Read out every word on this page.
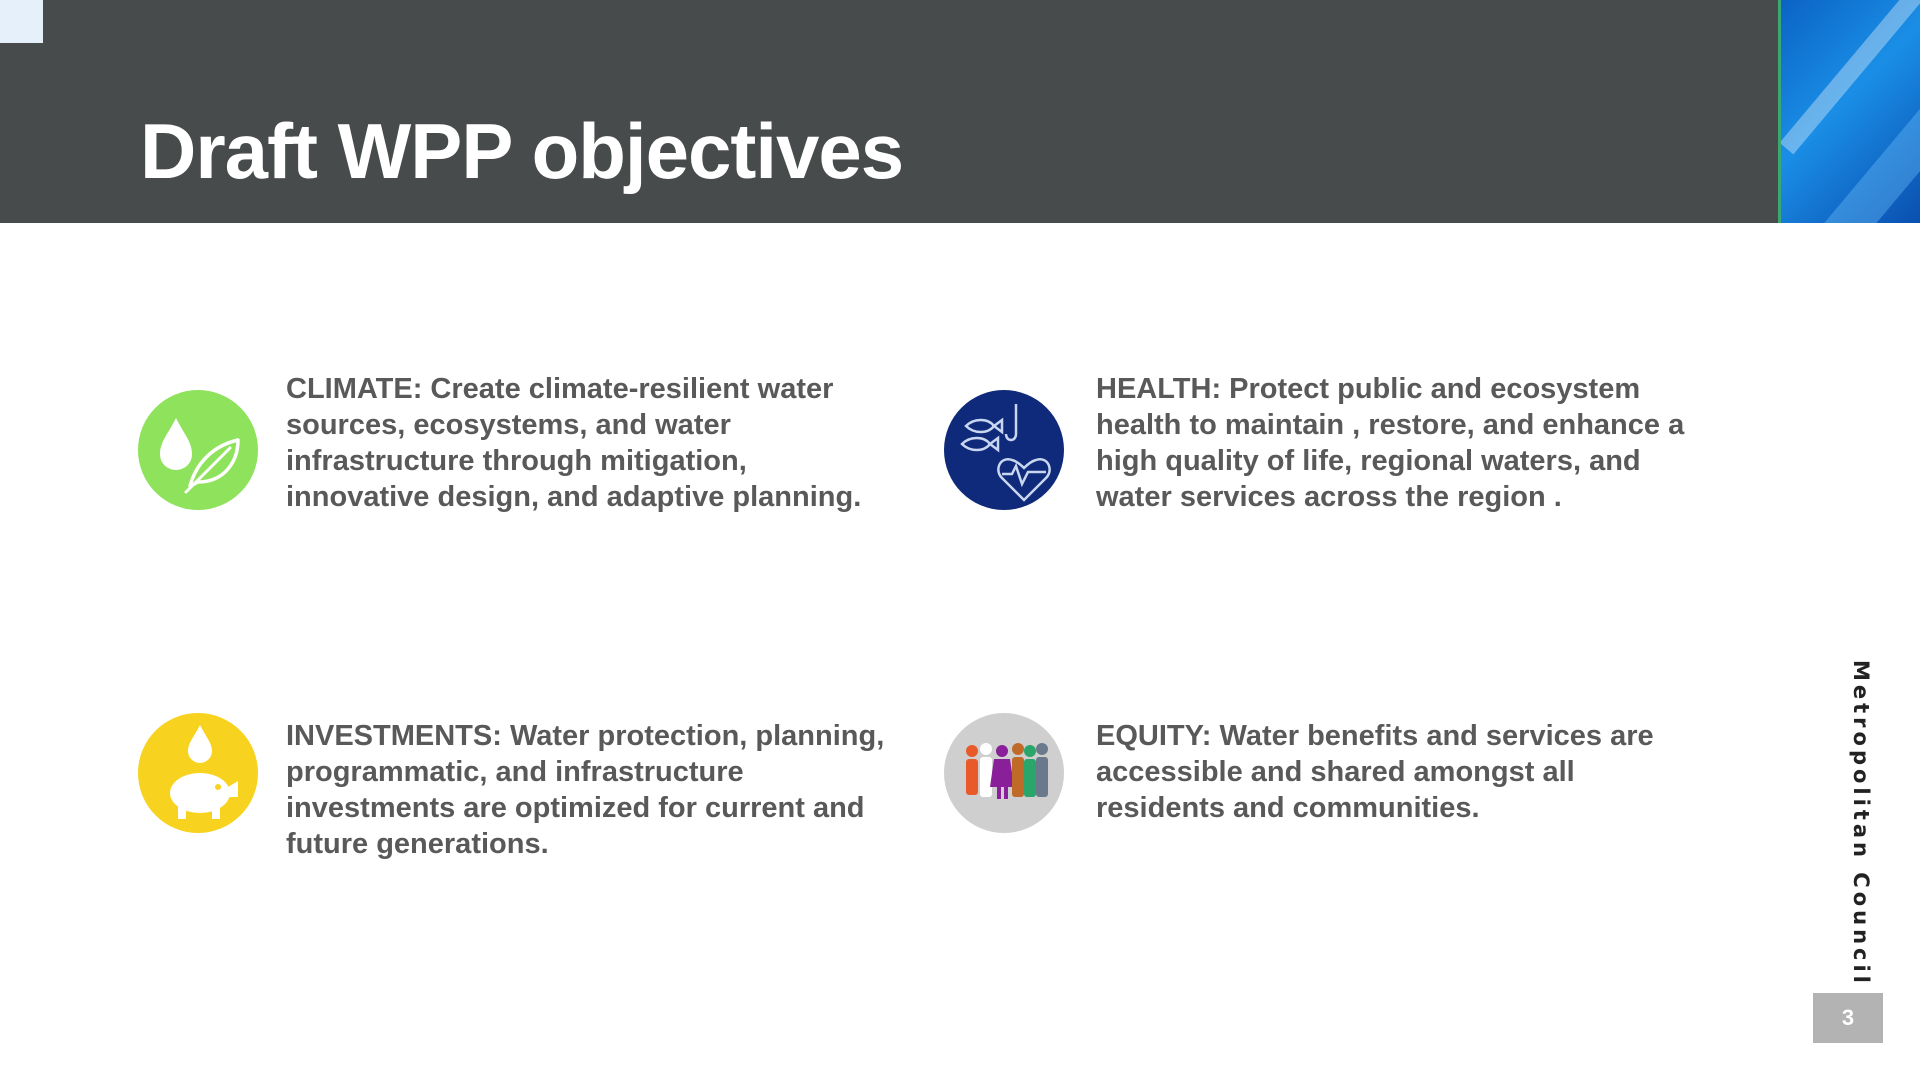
Draft WPP objectives
CLIMATE: Create climate-resilient water sources, ecosystems, and water infrastructure through mitigation, innovative design, and adaptive planning.
HEALTH: Protect public and ecosystem health to maintain , restore, and enhance a high quality of life, regional waters, and water services across the region .
INVESTMENTS: Water protection, planning, programmatic, and infrastructure investments are optimized for current and future generations.
EQUITY: Water benefits and services are accessible and shared amongst all residents and communities.	Metropolitan Council
3
